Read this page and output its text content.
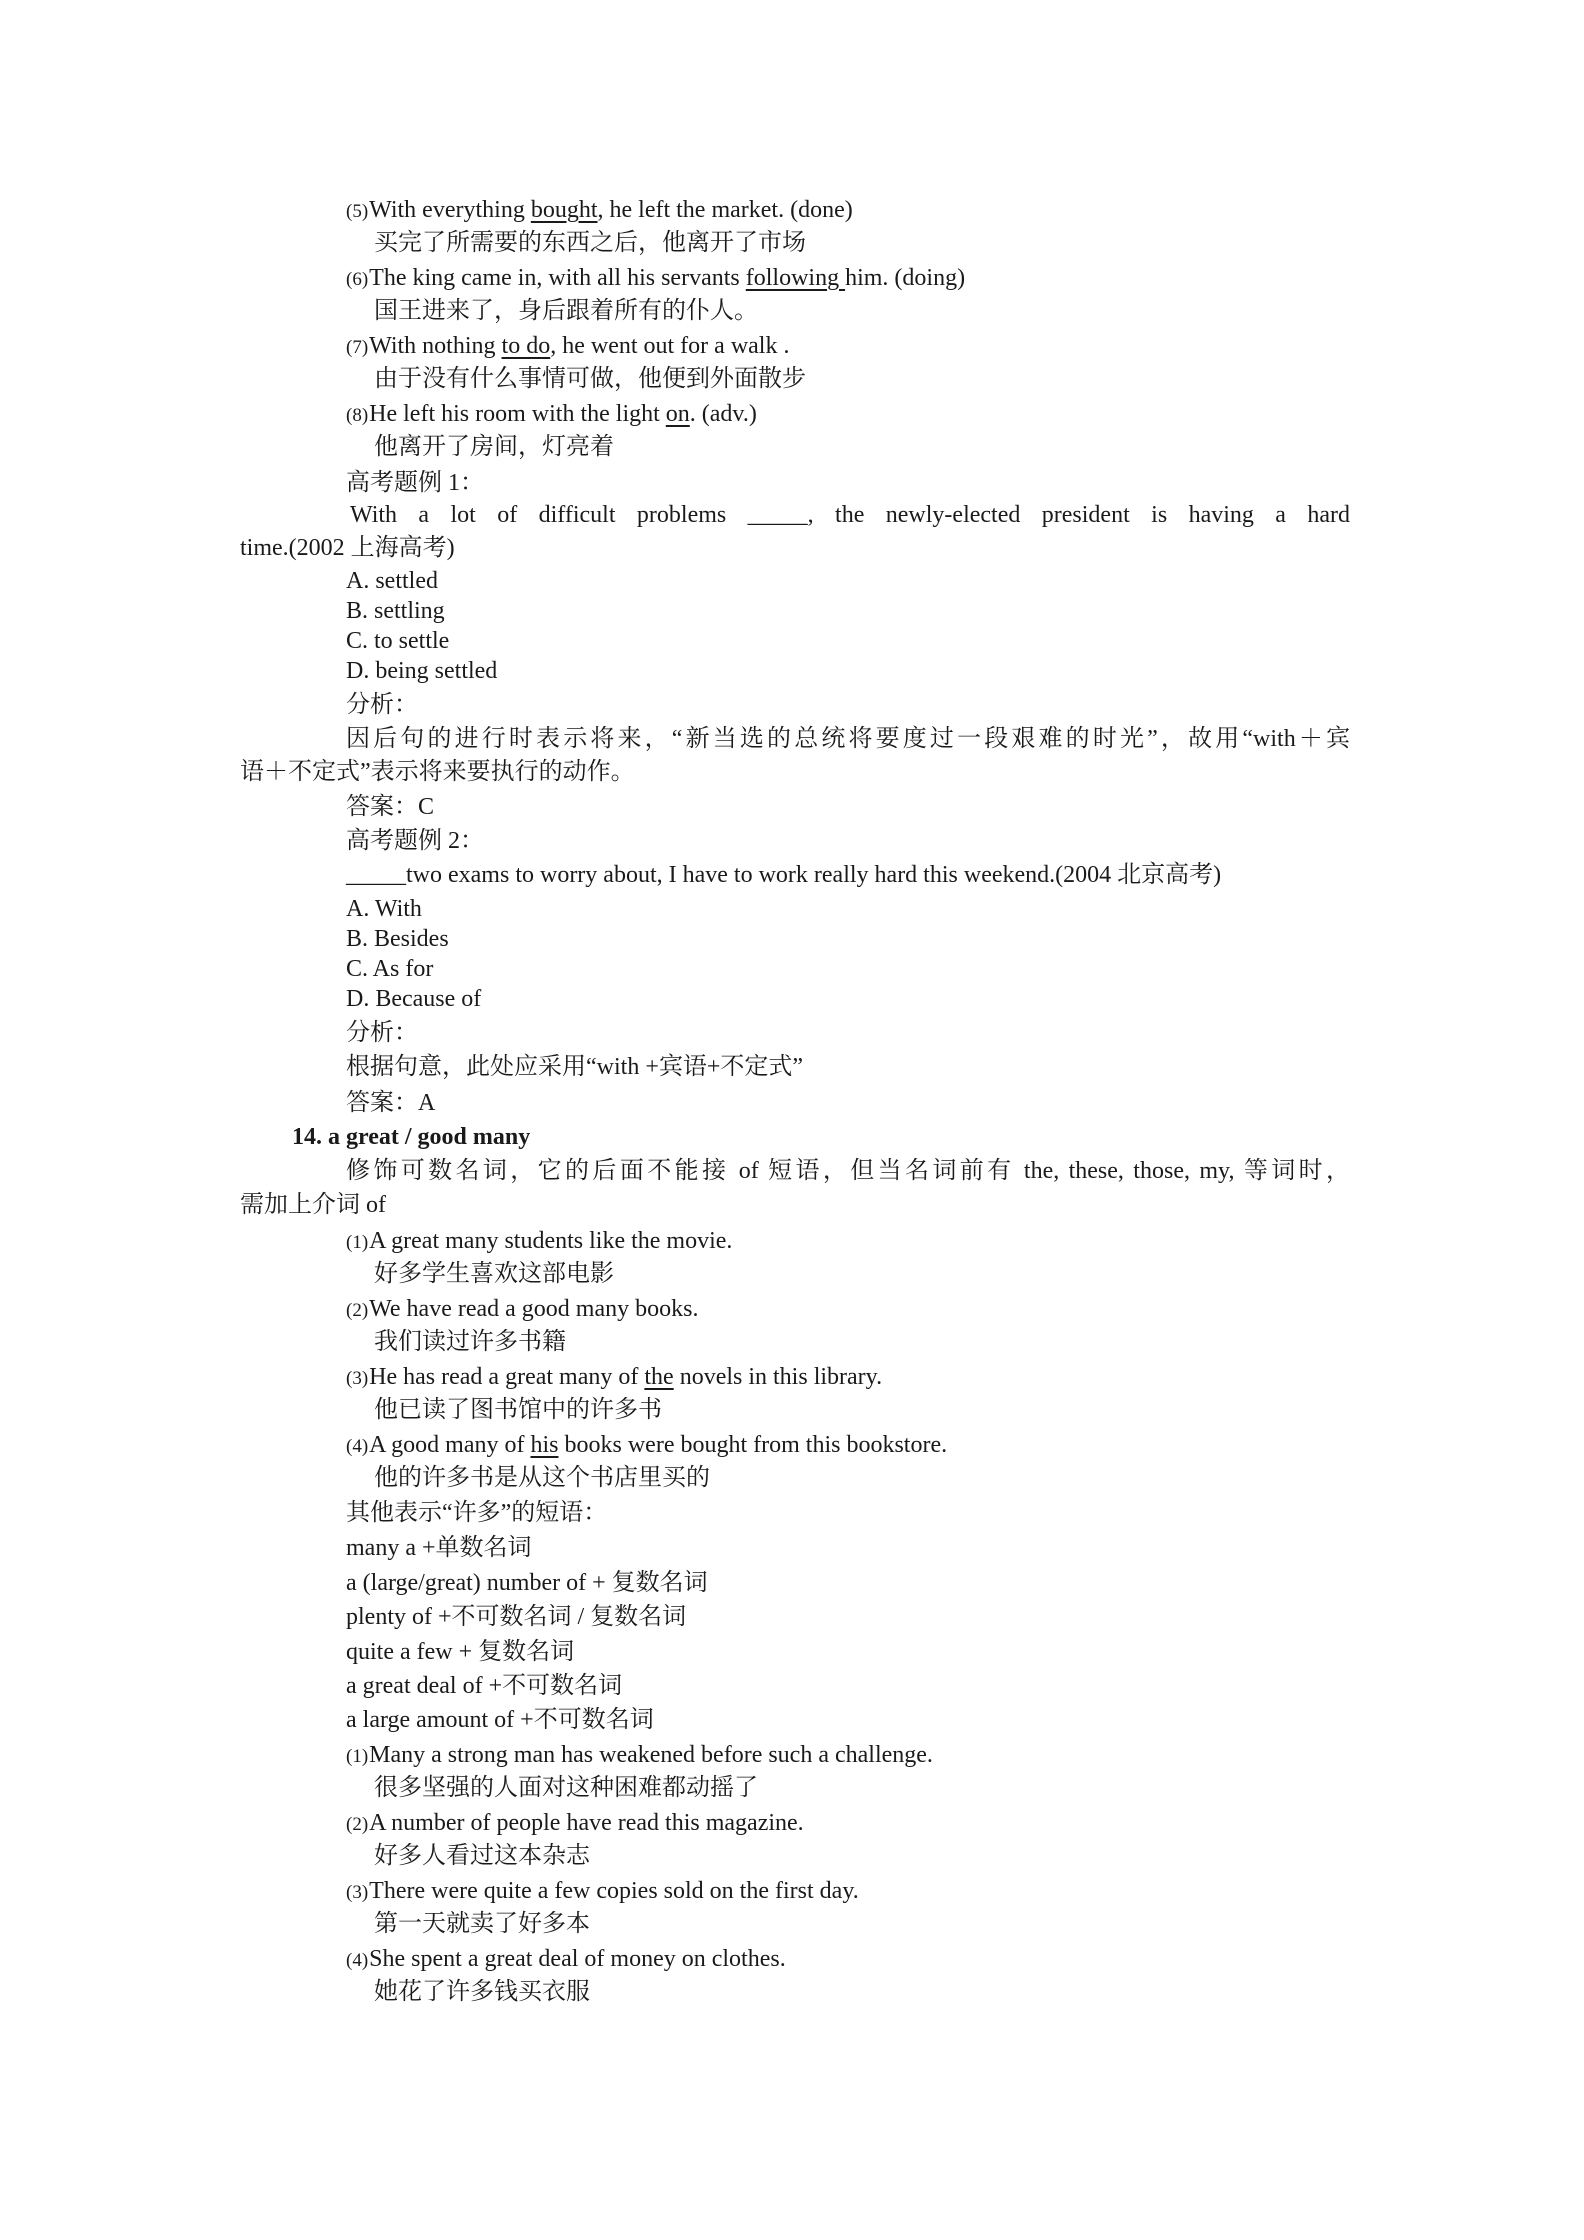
(5)With everything bought, he left the market. (done)
买完了所需要的东西之后，他离开了市场
(6)The king came in, with all his servants following him. (doing)
国王进来了，身后跟着所有的仆人。
(7)With nothing to do, he went out for a walk .
由于没有什么事情可做，他便到外面散步
(8)He left his room with the light on. (adv.)
他离开了房间，灯亮着
高考题例 1：
With a lot of difficult problems _____, the newly-elected president is having a hard
time.(2002 上海高考)
A. settled
B. settling
C. to settle
D. being settled
分析：
因后句的进行时表示将来，“新当选的总统将要度过一段艰难的时光”，故用“with＋宾
语＋不定式”表示将来要执行的动作。
答案：C
高考题例 2：
_____two exams to worry about, I have to work really hard this weekend.(2004 北京高考)
A. With
B. Besides
C. As for
D. Because of
分析：
根据句意，此处应采用“with +宾语+不定式”
答案：A
14. a great / good many
修饰可数名词，它的后面不能接 of 短语，但当名词前有 the, these, those, my, 等词时，
需加上介词 of
(1)A great many students like the movie.
好多学生喜欢这部电影
(2)We have read a good many books.
我们读过许多书籍
(3)He has read a great many of the novels in this library.
他已读了图书馆中的许多书
(4)A good many of his books were bought from this bookstore.
他的许多书是从这个书店里买的
其他表示“许多”的短语：
many a +单数名词
a (large/great) number of + 复数名词
plenty of +不可数名词 / 复数名词
quite a few + 复数名词
a great deal of +不可数名词
a large amount of +不可数名词
(1)Many a strong man has weakened before such a challenge.
很多坚强的人面对这种困难都动摇了
(2)A number of people have read this magazine.
好多人看过这本杂志
(3)There were quite a few copies sold on the first day.
第一天就卖了好多本
(4)She spent a great deal of money on clothes.
她花了许多钱买衣服
